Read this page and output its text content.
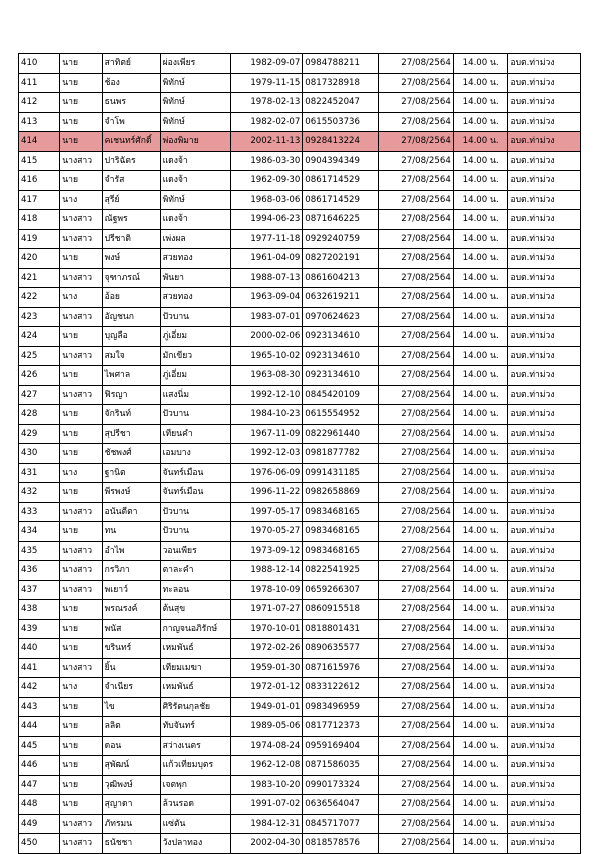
410	นาย	สาทิตย์	ผ่องเพียร	1982-09-07	0984788211	27/08/2564	14.00 น.	อบต.ท่าม่วง
411	นาย	ช้อง	พิทักษ์	1979-11-15	0817328918	27/08/2564	14.00 น.	อบต.ท่าม่วง
412	นาย	ธนพร	พิทักษ์	1978-02-13	0822452047	27/08/2564	14.00 น.	อบต.ท่าม่วง
413	นาย	จำโพ	พิทักษ์	1982-02-07	0615503736	27/08/2564	14.00 น.	อบต.ท่าม่วง
414	นาย	คเชนทร์ศักดิ์	พ่องพิมาย	2002-11-13	0928413224	27/08/2564	14.00 น.	อบต.ท่าม่วง
415	นางสาว	ปาริฉัตร	แดงจ้า	1986-03-30	0904394349	27/08/2564	14.00 น.	อบต.ท่าม่วง
416	นาย	จำรัส	แดงจ้า	1962-09-30	0861714529	27/08/2564	14.00 น.	อบต.ท่าม่วง
417	นาง	สุรีย์	พิทักษ์	1968-03-06	0861714529	27/08/2564	14.00 น.	อบต.ท่าม่วง
418	นางสาว	ณัฐพร	แดงจ้า	1994-06-23	0871646225	27/08/2564	14.00 น.	อบต.ท่าม่วง
419	นางสาว	ปรีชาติ	เพ่งผล	1977-11-18	0929240759	27/08/2564	14.00 น.	อบต.ท่าม่วง
420	นาย	พงษ์	สวยทอง	1961-04-09	0827202191	27/08/2564	14.00 น.	อบต.ท่าม่วง
421	นางสาว	จุฑาภรณ์	พันยา	1988-07-13	0861604213	27/08/2564	14.00 น.	อบต.ท่าม่วง
422	นาง	อ้อย	สวยทอง	1963-09-04	0632619211	27/08/2564	14.00 น.	อบต.ท่าม่วง
423	นางสาว	อัญชนก	ปัวบาน	1983-07-01	0970624623	27/08/2564	14.00 น.	อบต.ท่าม่วง
424	นาย	บุญลือ	ภู่เอี่ยม	2000-02-06	0923134610	27/08/2564	14.00 น.	อบต.ท่าม่วง
425	นางสาว	สมใจ	มักเขียว	1965-10-02	0923134610	27/08/2564	14.00 น.	อบต.ท่าม่วง
426	นาย	ไพศาล	ภู่เอี่ยม	1963-08-30	0923134610	27/08/2564	14.00 น.	อบต.ท่าม่วง
427	นางสาว	ฟิรญา	แสงนิ่ม	1992-12-10	0845420109	27/08/2564	14.00 น.	อบต.ท่าม่วง
428	นาย	จักรินท์	ปัวบาน	1984-10-23	0615554952	27/08/2564	14.00 น.	อบต.ท่าม่วง
429	นาย	สุปรีชา	เทียนคำ	1967-11-09	0822961440	27/08/2564	14.00 น.	อบต.ท่าม่วง
430	นาย	ชัชพงศ์	เอมบาง	1992-12-03	0981877782	27/08/2564	14.00 น.	อบต.ท่าม่วง
431	นาง	ฐานิต	จันทร์เมือน	1976-06-09	0991431185	27/08/2564	14.00 น.	อบต.ท่าม่วง
432	นาย	พีรพงษ์	จันทร์เมือน	1996-11-22	0982658869	27/08/2564	14.00 น.	อบต.ท่าม่วง
433	นางสาว	อนันตีตา	ปัวบาน	1997-05-17	0983468165	27/08/2564	14.00 น.	อบต.ท่าม่วง
434	นาย	ทน	ปัวบาน	1970-05-27	0983468165	27/08/2564	14.00 น.	อบต.ท่าม่วง
435	นางสาว	อำไพ	วอนเพียร	1973-09-12	0983468165	27/08/2564	14.00 น.	อบต.ท่าม่วง
436	นางสาว	กรวิภา	ตาละคำ	1988-12-14	0822541925	27/08/2564	14.00 น.	อบต.ท่าม่วง
437	นางสาว	พเยาว์	ทะลอน	1978-10-09	0659266307	27/08/2564	14.00 น.	อบต.ท่าม่วง
438	นาย	พรณรงค์	ต้นสุข	1971-07-27	0860915518	27/08/2564	14.00 น.	อบต.ท่าม่วง
439	นาย	พนัส	กาญจนอภิรักษ์	1970-10-01	0818801431	27/08/2564	14.00 น.	อบต.ท่าม่วง
440	นาย	ขรินทร์	เหมพันธ์	1972-02-26	0890635577	27/08/2564	14.00 น.	อบต.ท่าม่วง
441	นางสาว	ยิ้น	เทียมเมฆา	1959-01-30	0871615976	27/08/2564	14.00 น.	อบต.ท่าม่วง
442	นาง	จำเนียร	เหมพันธ์	1972-01-12	0833122612	27/08/2564	14.00 น.	อบต.ท่าม่วง
443	นาย	ไข	ศิริรัตนกุลชัย	1949-01-01	0983496959	27/08/2564	14.00 น.	อบต.ท่าม่วง
444	นาย	ลลิต	ทับจันทร์	1989-05-06	0817712373	27/08/2564	14.00 น.	อบต.ท่าม่วง
445	นาย	ดอน	สว่างเนตร	1974-08-24	0959169404	27/08/2564	14.00 น.	อบต.ท่าม่วง
446	นาย	สุพัฒน์	แก้วเทียมบุตร	1962-12-08	0871586035	27/08/2564	14.00 น.	อบต.ท่าม่วง
447	นาย	วุฒิพงษ์	เจตพุก	1983-10-20	0990173324	27/08/2564	14.00 น.	อบต.ท่าม่วง
448	นาย	สุญาดา	ล้วนรอด	1991-07-02	0636564047	27/08/2564	14.00 น.	อบต.ท่าม่วง
449	นางสาว	ภัทรมน	แซ่ตัน	1984-12-31	0845717077	27/08/2564	14.00 น.	อบต.ท่าม่วง
450	นางสาว	ธนัชชา	วังปลาทอง	2002-04-30	0818578576	27/08/2564	14.00 น.	อบต.ท่าม่วง
